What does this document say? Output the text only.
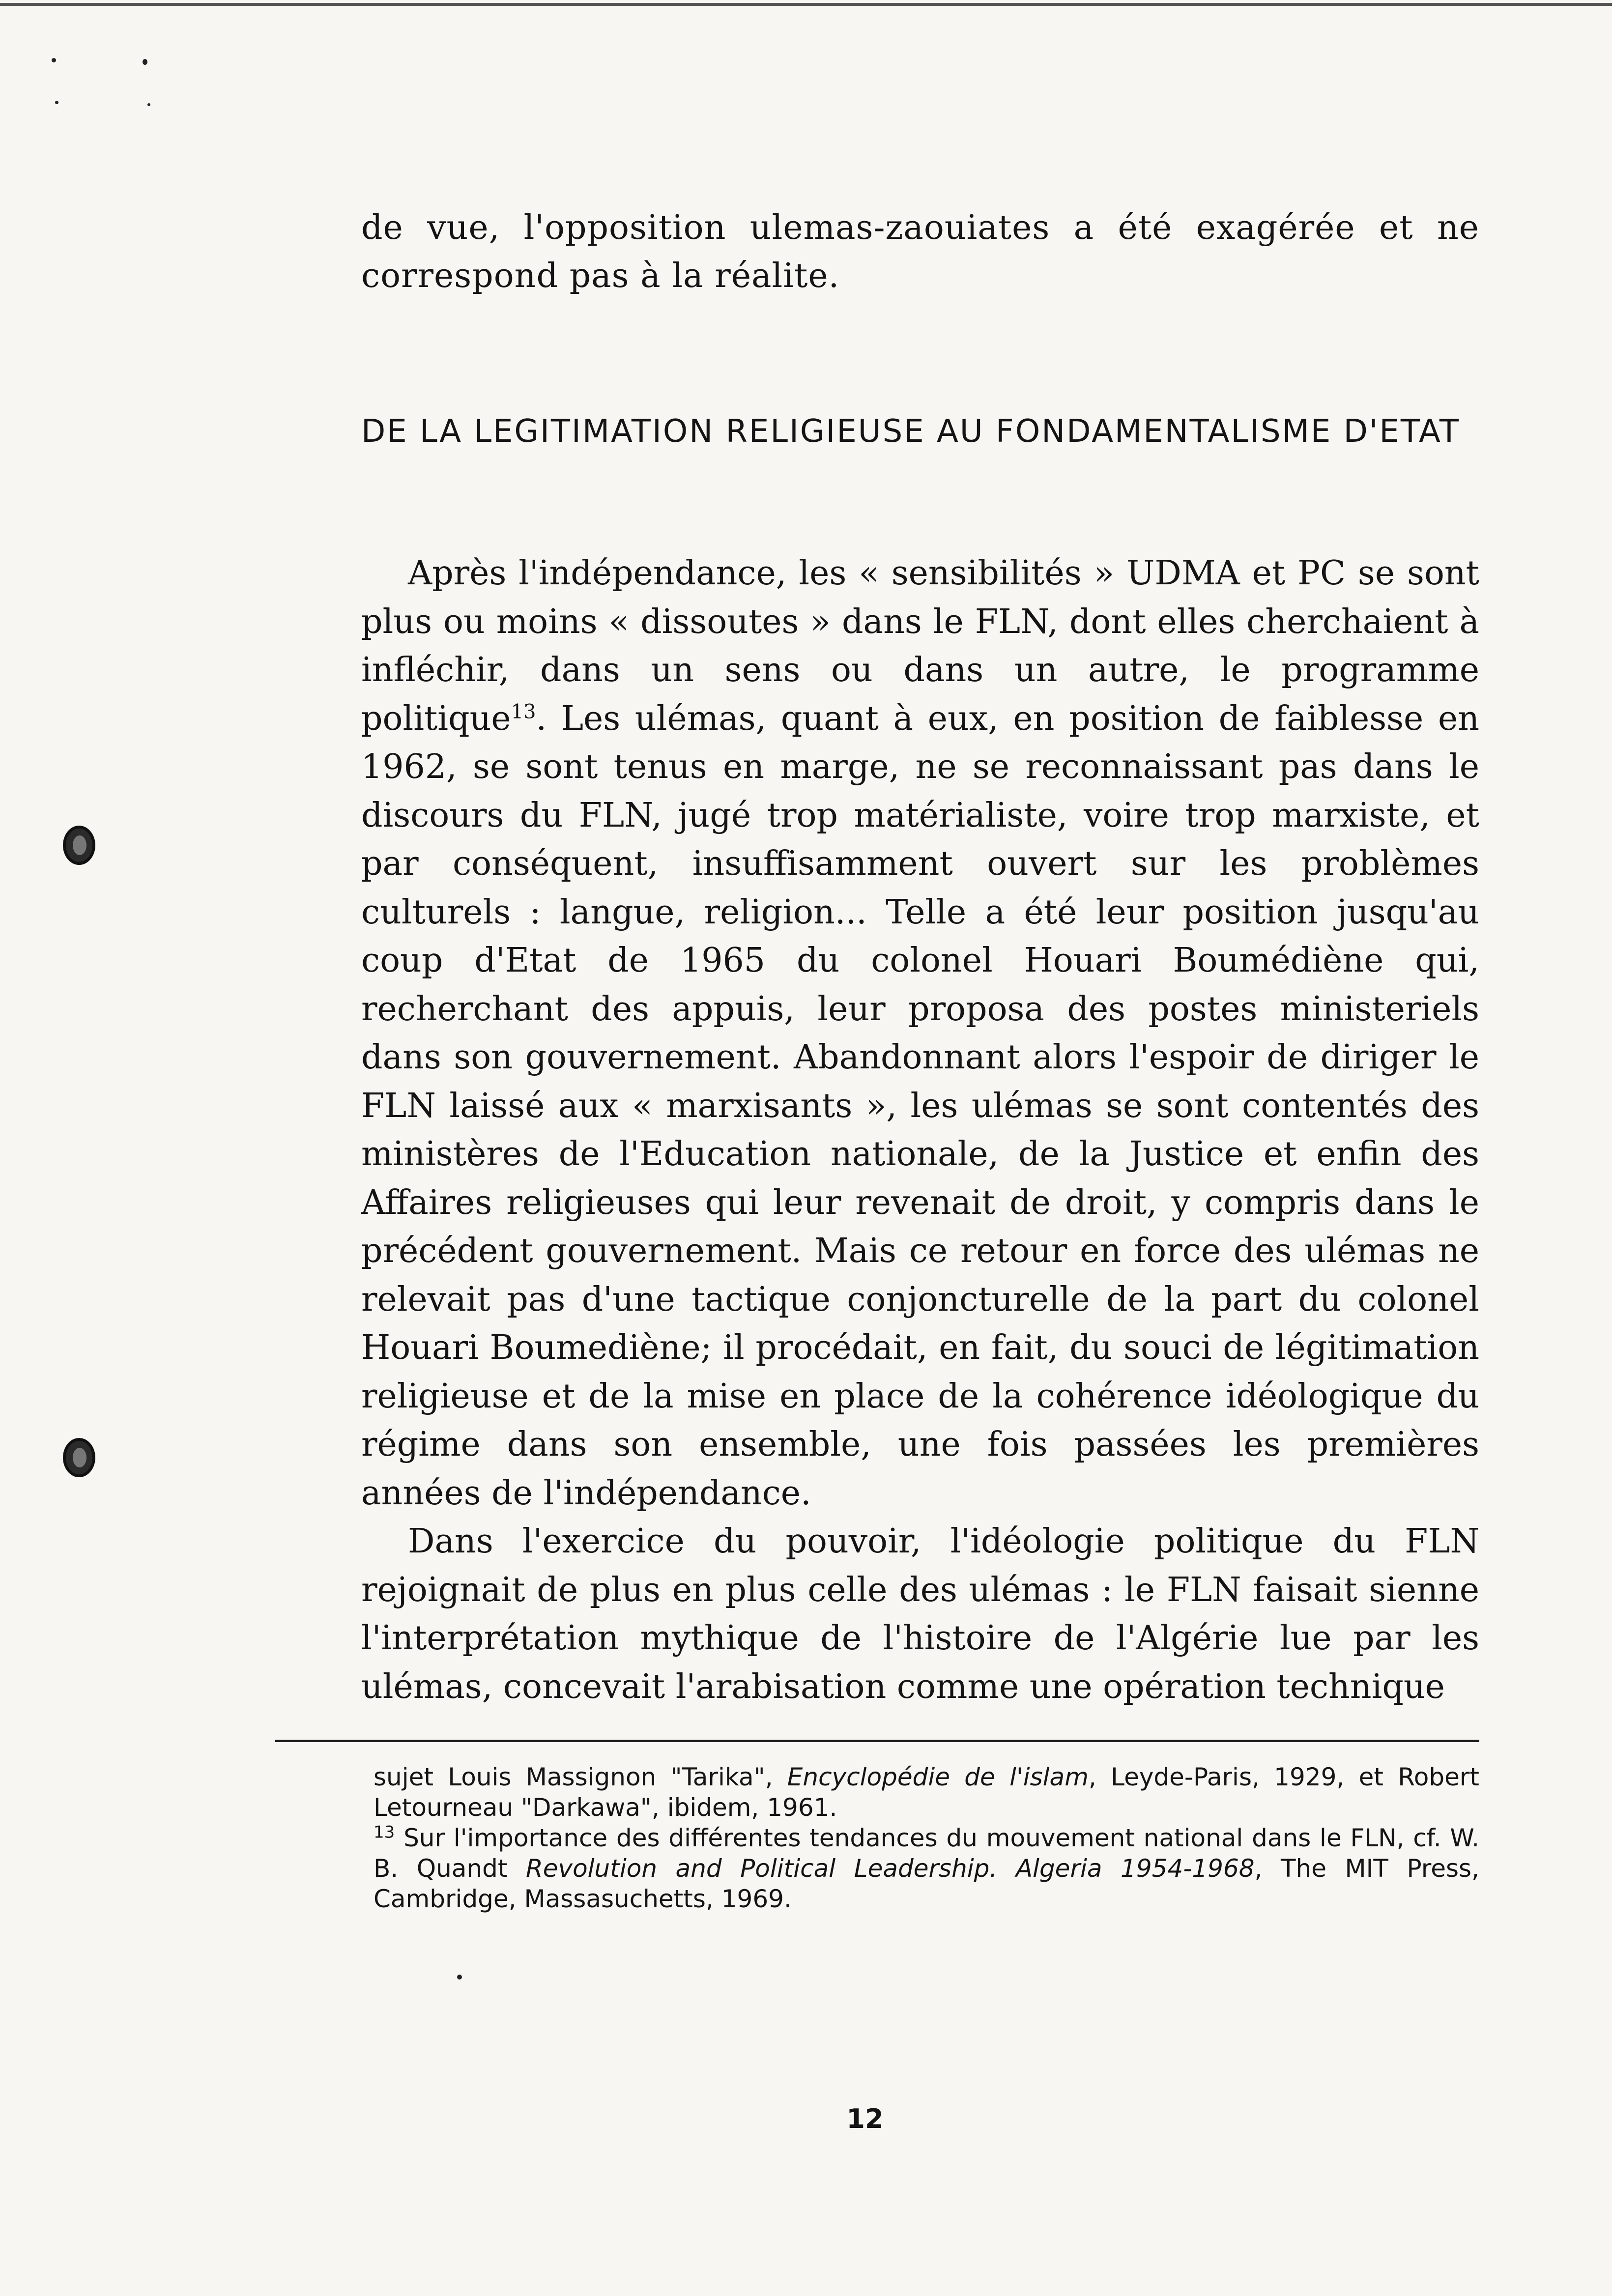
de vue, l'opposition ulemas-zaouiates a été exagérée et ne correspond pas à la réalite.

DE LA LEGITIMATION RELIGIEUSE AU FONDAMENTALISME D'ETAT

Après l'indépendance, les « sensibilités » UDMA et PC se sont plus ou moins « dissoutes » dans le FLN, dont elles cherchaient à infléchir, dans un sens ou dans un autre, le programme politique$^{13}$. Les ulémas, quant à eux, en position de faiblesse en 1962, se sont tenus en marge, ne se reconnaissant pas dans le discours du FLN, jugé trop matérialiste, voire trop marxiste, et par conséquent, insuffisamment ouvert sur les problèmes culturels : langue, religion... Telle a été leur position jusqu'au coup d'Etat de 1965 du colonel Houari Boumédiène qui, recherchant des appuis, leur proposa des postes ministeriels dans son gouvernement. Abandonnant alors l'espoir de diriger le FLN laissé aux « marxisants », les ulémas se sont contentés des ministères de l'Education nationale, de la Justice et enfin des Affaires religieuses qui leur revenait de droit, y compris dans le précédent gouvernement. Mais ce retour en force des ulémas ne relevait pas d'une tactique conjoncturelle de la part du colonel Houari Boumediène; il procédait, en fait, du souci de légitimation religieuse et de la mise en place de la cohérence idéologique du régime dans son ensemble, une fois passées les premières années de l'indépendance.

Dans l'exercice du pouvoir, l'idéologie politique du FLN rejoignait de plus en plus celle des ulémas : le FLN faisait sienne l'interprétation mythique de l'histoire de l'Algérie lue par les ulémas, concevait l'arabisation comme une opération technique

sujet Louis Massignon "Tarika", Encyclopédie de l'islam, Leyde-Paris, 1929, et Robert Letourneau "Darkawa", ibidem, 1961.

$^{13}$ Sur l'importance des différentes tendances du mouvement national dans le FLN, cf. W. B. Quandt Revolution and Political Leadership. Algeria 1954-1968, The MIT Press, Cambridge, Massasuchetts, 1969.

12
